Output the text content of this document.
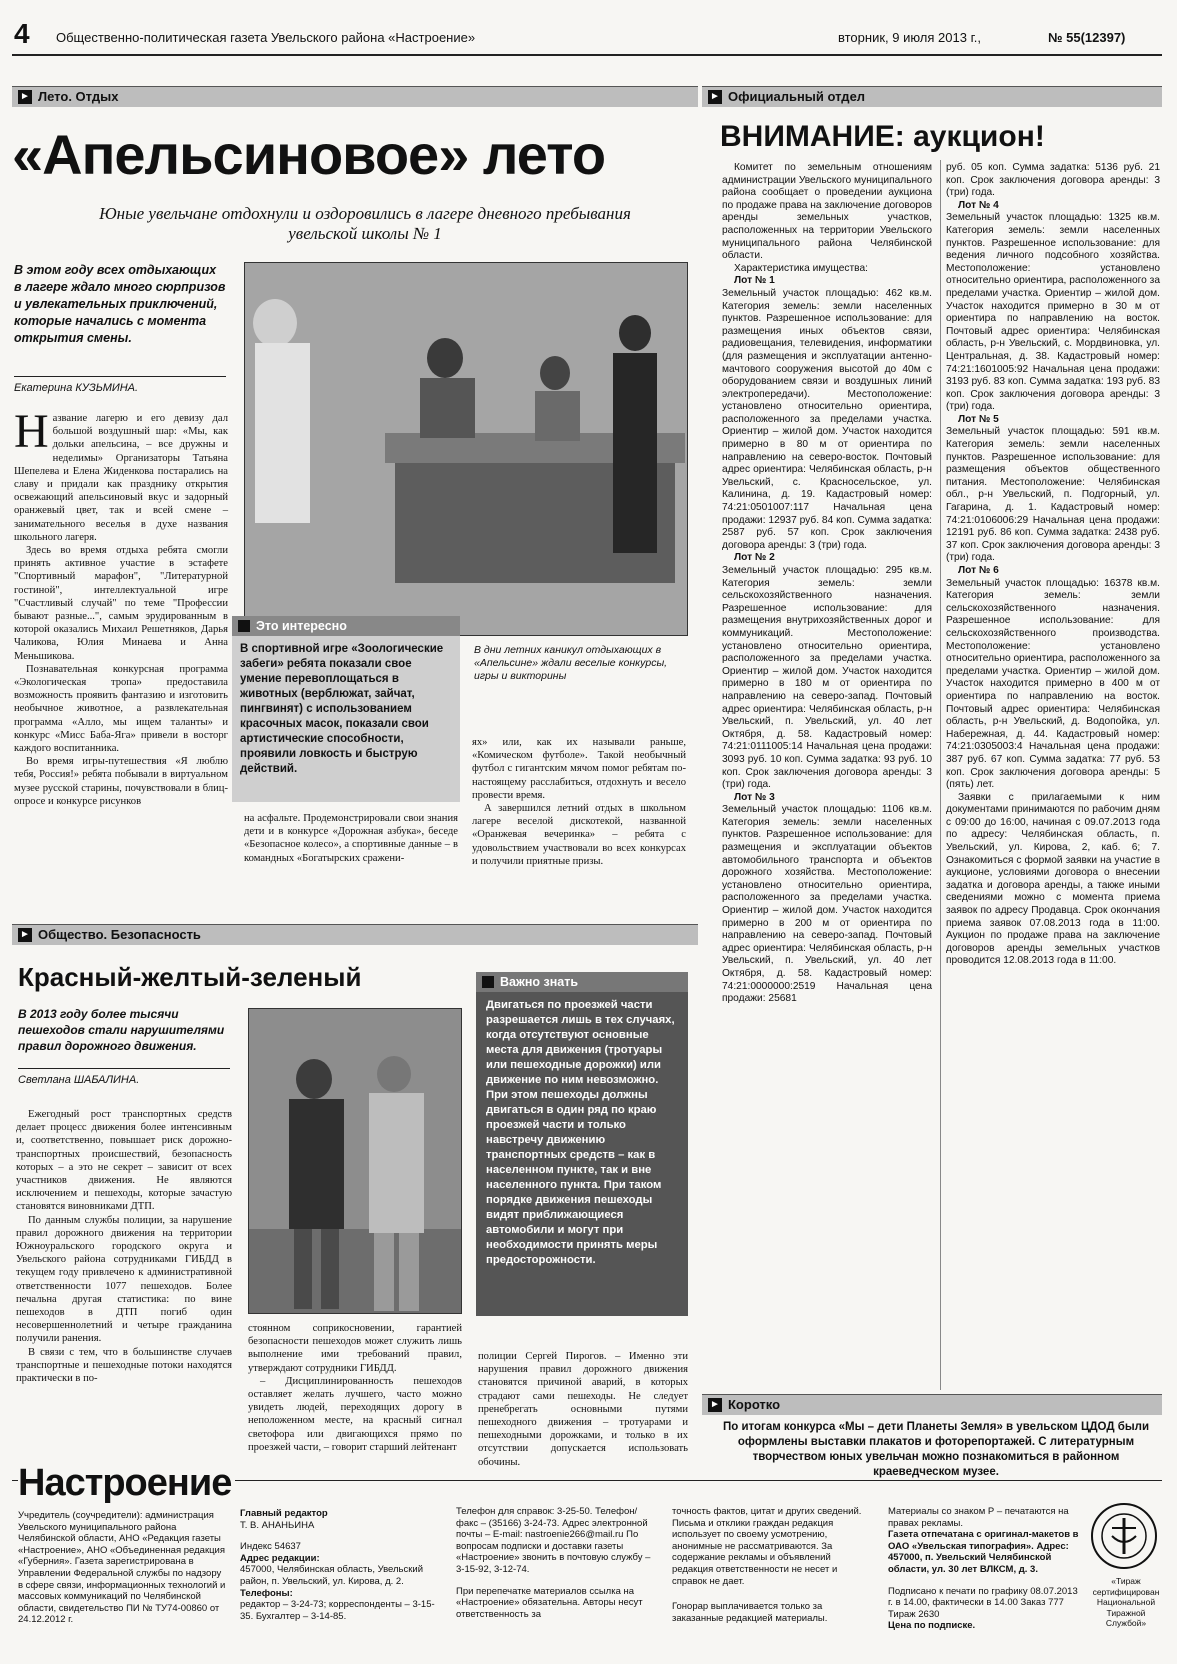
4 Общественно-политическая газета Увельского района «Настроение»	вторник, 9 июля 2013 г.,	№ 55(12397)
► Лето. Отдых
«Апельсиновое» лето
Юные увельчане отдохнули и оздоровились в лагере дневного пребывания увельской школы № 1
В этом году всех отдыхающих в лагере ждало много сюрпризов и увлекательных приключений, которые начались с момента открытия смены.
Екатерина КУЗЬМИНА.
Н азвание лагерю и его девизу дал большой воздушный шар: «Мы, как дольки апельсина, – все дружны и неделимы» Организаторы Татьяна Шепелева и Елена Жиденкова постарались на славу и придали как празднику открытия освежающий апельсиновый вкус и задорный оранжевый цвет, так и всей смене – занимательного веселья в духе названия школьного лагеря.
Здесь во время отдыха ребята смогли принять активное участие в эстафете "Спортивный марафон", "Литературной гостиной", интеллектуальной игре "Счастливый случай" по теме "Профессии бывают разные...", самым эрудированным в которой оказались Михаил Решетняков, Дарья Чаликова, Юлия Минаева и Анна Меньшикова.
Познавательная конкурсная программа «Экологическая тропа» предоставила возможность проявить фантазию и изготовить необычное животное, а развлекательная программа «Алло, мы ищем таланты» и конкурс «Мисс Баба-Яга» привели в восторг каждого воспитанника.
Во время игры-путешествия «Я люблю тебя, Россия!» ребята побывали в виртуальном музее русской старины, почувствовали в блиц-опросе и конкурсе рисунков
В дни летних каникул отдыхающих в «Апельсине» ждали веселые конкурсы, игры и викторины
Это интересно
В спортивной игре «Зоологические забеги» ребята показали свое умение перевоплощаться в животных (верблюжат, зайчат, пингвинят) с использованием красочных масок, показали свои артистические способности, проявили ловкость и быструю действий.
на асфальте. Продемонстрировали свои знания дети и в конкурсе «Дорожная азбука», беседе «Безопасное колесо», а спортивные данные – в командных «Богатырских сражени-
ях» или, как их называли раньше, «Комическом футболе». Такой необычный футбол с гигантским мячом помог ребятам по-настоящему расслабиться, отдохнуть и весело провести время.
А завершился летний отдых в школьном лагере веселой дискотекой, названной «Оранжевая вечеринка» – ребята с удовольствием участвовали во всех конкурсах и получили приятные призы.
► Общество. Безопасность
Красный-желтый-зеленый
В 2013 году более тысячи пешеходов стали нарушителями правил дорожного движения.
Светлана ШАБАЛИНА.
Ежегодный рост транспортных средств делает процесс движения более интенсивным и, соответственно, повышает риск дорожно-транспортных происшествий, безопасность которых – а это не секрет – зависит от всех участников движения. Не являются исключением и пешеходы, которые зачастую становятся виновниками ДТП.
По данным службы полиции, за нарушение правил дорожного движения на территории Южноуральского городского округа и Увельского района сотрудниками ГИБДД в текущем году привлечено к административной ответственности 1077 пешеходов. Более печальна другая статистика: по вине пешеходов в ДТП погиб один несовершеннолетний и четыре гражданина получили ранения.
В связи с тем, что в большинстве случаев транспортные и пешеходные потоки находятся практически в по-
Важно знать
Двигаться по проезжей части разрешается лишь в тех случаях, когда отсутствуют основные места для движения (тротуары или пешеходные дорожки) или движение по ним невозможно. При этом пешеходы должны двигаться в один ряд по краю проезжей части и только навстречу движению транспортных средств – как в населенном пункте, так и вне населенного пункта. При таком порядке движения пешеходы видят приближающиеся автомобили и могут при необходимости принять меры предосторожности.
стоянном соприкосновении, гарантией безопасности пешеходов может служить лишь выполнение ими требований правил, утверждают сотрудники ГИБДД.
– Дисциплинированность пешеходов оставляет желать лучшего, часто можно увидеть людей, переходящих дорогу в неположенном месте, на красный сигнал светофора или двигающихся прямо по проезжей части, – говорит старший лейтенант
полиции Сергей Пирогов. – Именно эти нарушения правил дорожного движения становятся причиной аварий, в которых страдают сами пешеходы. Не следует пренебрегать основными путями пешеходного движения – тротуарами и пешеходными дорожками, и только в их отсутствии допускается использовать обочины.
► Официальный отдел
ВНИМАНИЕ: аукцион!
Комитет по земельным отношениям администрации Увельского муниципального района сообщает о проведении аукциона по продаже права на заключение договоров аренды земельных участков, расположенных на территории Увельского муниципального района Челябинской области.
Характеристика имущества:
Лот № 1
Земельный участок площадью: 462 кв.м. Категория земель: земли населенных пунктов. Разрешенное использование: для размещения иных объектов связи, радиовещания, телевидения, информатики (для размещения и эксплуатации антенно-мачтового сооружения высотой до 40м с оборудованием связи и воздушных линий электропередачи). Местоположение: установлено относительно ориентира, расположенного за пределами участка. Ориентир – жилой дом. Участок находится примерно в 80 м от ориентира по направлению на северо-восток. Почтовый адрес ориентира: Челябинская область, р-н Увельский, с. Красносельское, ул. Калинина, д. 19. Кадастровый номер: 74:21:0501007:117 Начальная цена продажи: 12937 руб. 84 коп. Сумма задатка: 2587 руб. 57 коп. Срок заключения договора аренды: 3 (три) года.
Лот № 2
Земельный участок площадью: 295 кв.м. Категория земель: земли сельскохозяйственного назначения. Разрешенное использование: для размещения внутрихозяйственных дорог и коммуникаций. Местоположение: установлено относительно ориентира, расположенного за пределами участка. Ориентир – жилой дом. Участок находится примерно в 180 м от ориентира по направлению на северо-запад. Почтовый адрес ориентира: Челябинская область, р-н Увельский, п. Увельский, ул. 40 лет Октября, д. 58. Кадастровый номер: 74:21:0111005:14 Начальная цена продажи: 3093 руб. 10 коп. Сумма задатка: 93 руб. 10 коп. Срок заключения договора аренды: 3 (три) года.
Лот № 3
Земельный участок площадью: 1106 кв.м. Категория земель: земли населенных пунктов. Разрешенное использование: для размещения и эксплуатации объектов автомобильного транспорта и объектов дорожного хозяйства. Местоположение: установлено относительно ориентира, расположенного за пределами участка. Ориентир – жилой дом. Участок находится примерно в 200 м от ориентира по направлению на северо-запад. Почтовый адрес ориентира: Челябинская область, р-н Увельский, п. Увельский, ул. 40 лет Октября, д. 58. Кадастровый номер: 74:21:0000000:2519 Начальная цена продажи: 25681
руб. 05 коп. Сумма задатка: 5136 руб. 21 коп. Срок заключения договора аренды: 3 (три) года.
Лот № 4
Земельный участок площадью: 1325 кв.м. Категория земель: земли населенных пунктов. Разрешенное использование: для ведения личного подсобного хозяйства. Местоположение: установлено относительно ориентира, расположенного за пределами участка. Ориентир – жилой дом. Участок находится примерно в 30 м от ориентира по направлению на восток. Почтовый адрес ориентира: Челябинская область, р-н Увельский, с. Мордвиновка, ул. Центральная, д. 38. Кадастровый номер: 74:21:1601005:92 Начальная цена продажи: 3193 руб. 83 коп. Сумма задатка: 193 руб. 83 коп. Срок заключения договора аренды: 3 (три) года.
Лот № 5
Земельный участок площадью: 591 кв.м. Категория земель: земли населенных пунктов. Разрешенное использование: для размещения объектов общественного питания. Местоположение: Челябинская обл., р-н Увельский, п. Подгорный, ул. Гагарина, д. 1. Кадастровый номер: 74:21:0106006:29 Начальная цена продажи: 12191 руб. 86 коп. Сумма задатка: 2438 руб. 37 коп. Срок заключения договора аренды: 3 (три) года.
Лот № 6
Земельный участок площадью: 16378 кв.м. Категория земель: земли сельскохозяйственного назначения. Разрешенное использование: для сельскохозяйственного производства. Местоположение: установлено относительно ориентира, расположенного за пределами участка. Ориентир – жилой дом. Участок находится примерно в 400 м от ориентира по направлению на восток. Почтовый адрес ориентира: Челябинская область, р-н Увельский, д. Водопойка, ул. Набережная, д. 44. Кадастровый номер: 74:21:0305003:4 Начальная цена продажи: 387 руб. 67 коп. Сумма задатка: 77 руб. 53 коп. Срок заключения договора аренды: 5 (пять) лет.
Заявки с прилагаемыми к ним документами принимаются по рабочим дням с 09:00 до 16:00, начиная с 09.07.2013 года по адресу: Челябинская область, п. Увельский, ул. Кирова, 2, каб. 6; 7. Ознакомиться с формой заявки на участие в аукционе, условиями договора о внесении задатка и договора аренды, а также иными сведениями можно с момента приема заявок по адресу Продавца. Срок окончания приема заявок 07.08.2013 года в 11:00. Аукцион по продаже права на заключение договоров аренды земельных участков проводится 12.08.2013 года в 11:00.
► Коротко
По итогам конкурса «Мы – дети Планеты Земля» в увельском ЦДОД были оформлены выставки плакатов и фоторепортажей. С литературным творчеством юных увельчан можно познакомиться в районном краеведческом музее.
Настроение
Учредитель (соучредители): администрация Увельского муниципального района Челябинской области, АНО «Редакция газеты «Настроение», АНО «Объединенная редакция «Губерния». Газета зарегистрирована в Управлении Федеральной службы по надзору в сфере связи, информационных технологий и массовых коммуникаций по Челябинской области, свидетельство ПИ № ТУ74-00860 от 24.12.2012 г.
Главный редактор
Т. В. АНАНЬИНА
Индекс 54637
Адрес редакции:
457000, Челябинская область, Увельский район, п. Увельский, ул. Кирова, д. 2.
Телефоны:
редактор – 3-24-73; корреспонденты – 3-15-35. Бухгалтер – 3-14-85.
Телефон для справок: 3-25-50. Телефон/факс – (35166) 3-24-73. Адрес электронной почты – E-mail: nastroenie266@mail.ru По вопросам подписки и доставки газеты «Настроение» звонить в почтовую службу – 3-15-92, 3-12-74.
При перепечатке материалов ссылка на «Настроение» обязательна. Авторы несут ответственность за
точность фактов, цитат и других сведений. Письма и отклики граждан редакция использует по своему усмотрению, анонимные не рассматриваются. За содержание рекламы и объявлений редакция ответственности не несет и справок не дает.
Гонорар выплачивается только за заказанные редакцией материалы.
Материалы со знаком Р – печатаются на правах рекламы.
Газета отпечатана с оригинал-макетов в ОАО «Увельская типография». Адрес: 457000, п. Увельский Челябинской области, ул. 30 лет ВЛКСМ, д. 3.
Подписано к печати по графику 08.07.2013 г. в 14.00, фактически в 14.00 Заказ 777 Тираж 2630
Цена по подписке.
«Тираж сертифицирован Национальной Тиражной Службой»
